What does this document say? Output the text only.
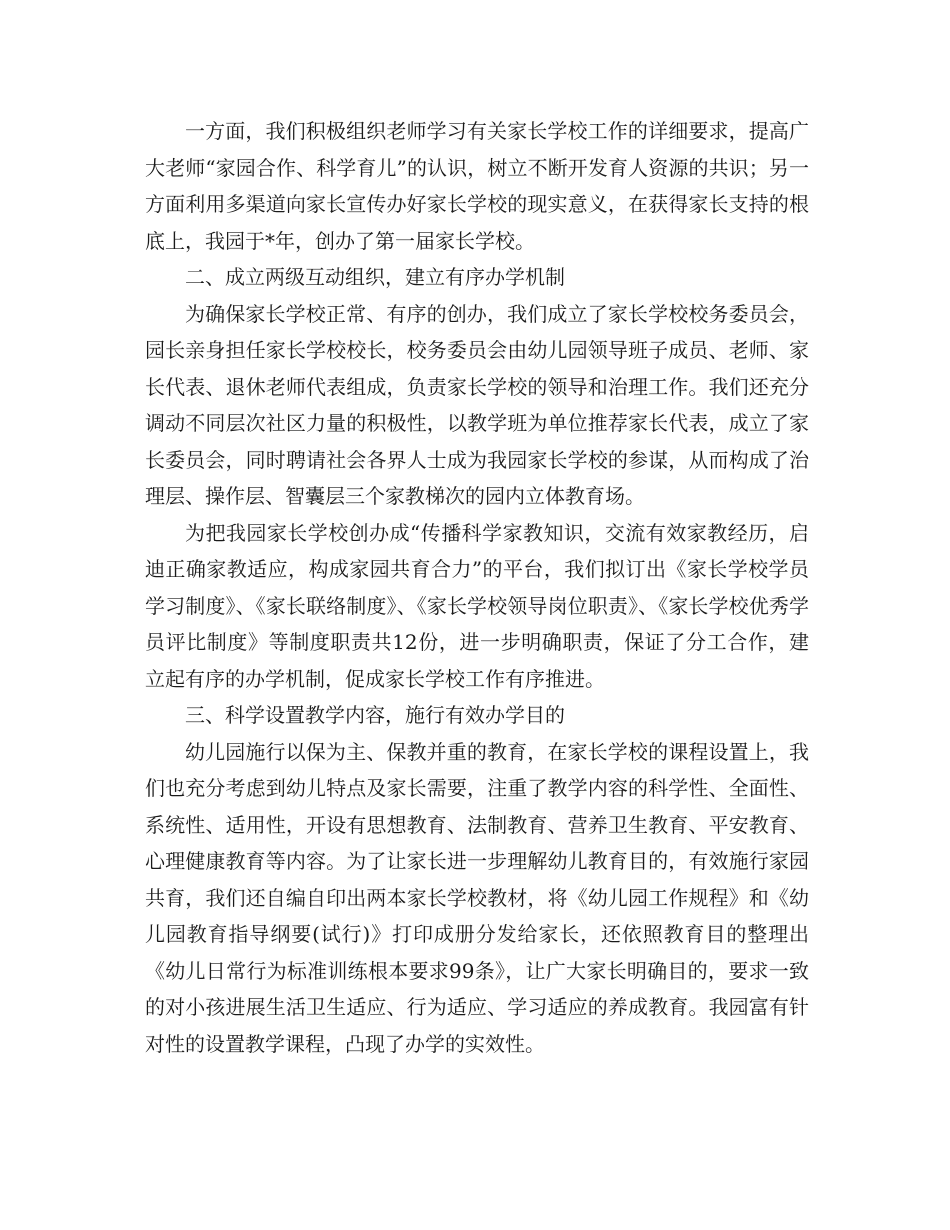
一方面，我们积极组织老师学习有关家长学校工作的详细要求，提高广大老师“家园合作、科学育儿”的认识，树立不断开发育人资源的共识；另一方面利用多渠道向家长宣传办好家长学校的现实意义，在获得家长支持的根底上，我园于*年，创办了第一届家长学校。

二、成立两级互动组织，建立有序办学机制

为确保家长学校正常、有序的创办，我们成立了家长学校校务委员会，园长亲身担任家长学校校长，校务委员会由幼儿园领导班子成员、老师、家长代表、退休老师代表组成，负责家长学校的领导和治理工作。我们还充分调动不同层次社区力量的积极性，以教学班为单位推荐家长代表，成立了家长委员会，同时聘请社会各界人士成为我园家长学校的参谋，从而构成了治理层、操作层、智囊层三个家教梯次的园内立体教育场。

为把我园家长学校创办成“传播科学家教知识，交流有效家教经历，启迪正确家教适应，构成家园共育合力”的平台，我们拟订出《家长学校学员学习制度》、《家长联络制度》、《家长学校领导岗位职责》、《家长学校优秀学员评比制度》等制度职责共12份，进一步明确职责，保证了分工合作，建立起有序的办学机制，促成家长学校工作有序推进。

三、科学设置教学内容，施行有效办学目的

幼儿园施行以保为主、保教并重的教育，在家长学校的课程设置上，我们也充分考虑到幼儿特点及家长需要，注重了教学内容的科学性、全面性、系统性、适用性，开设有思想教育、法制教育、营养卫生教育、平安教育、心理健康教育等内容。为了让家长进一步理解幼儿教育目的，有效施行家园共育，我们还自编自印出两本家长学校教材，将《幼儿园工作规程》和《幼儿园教育指导纲要(试行)》打印成册分发给家长，还依照教育目的整理出《幼儿日常行为标准训练根本要求99条》，让广大家长明确目的，要求一致的对小孩进展生活卫生适应、行为适应、学习适应的养成教育。我园富有针对性的设置教学课程，凸现了办学的实效性。
